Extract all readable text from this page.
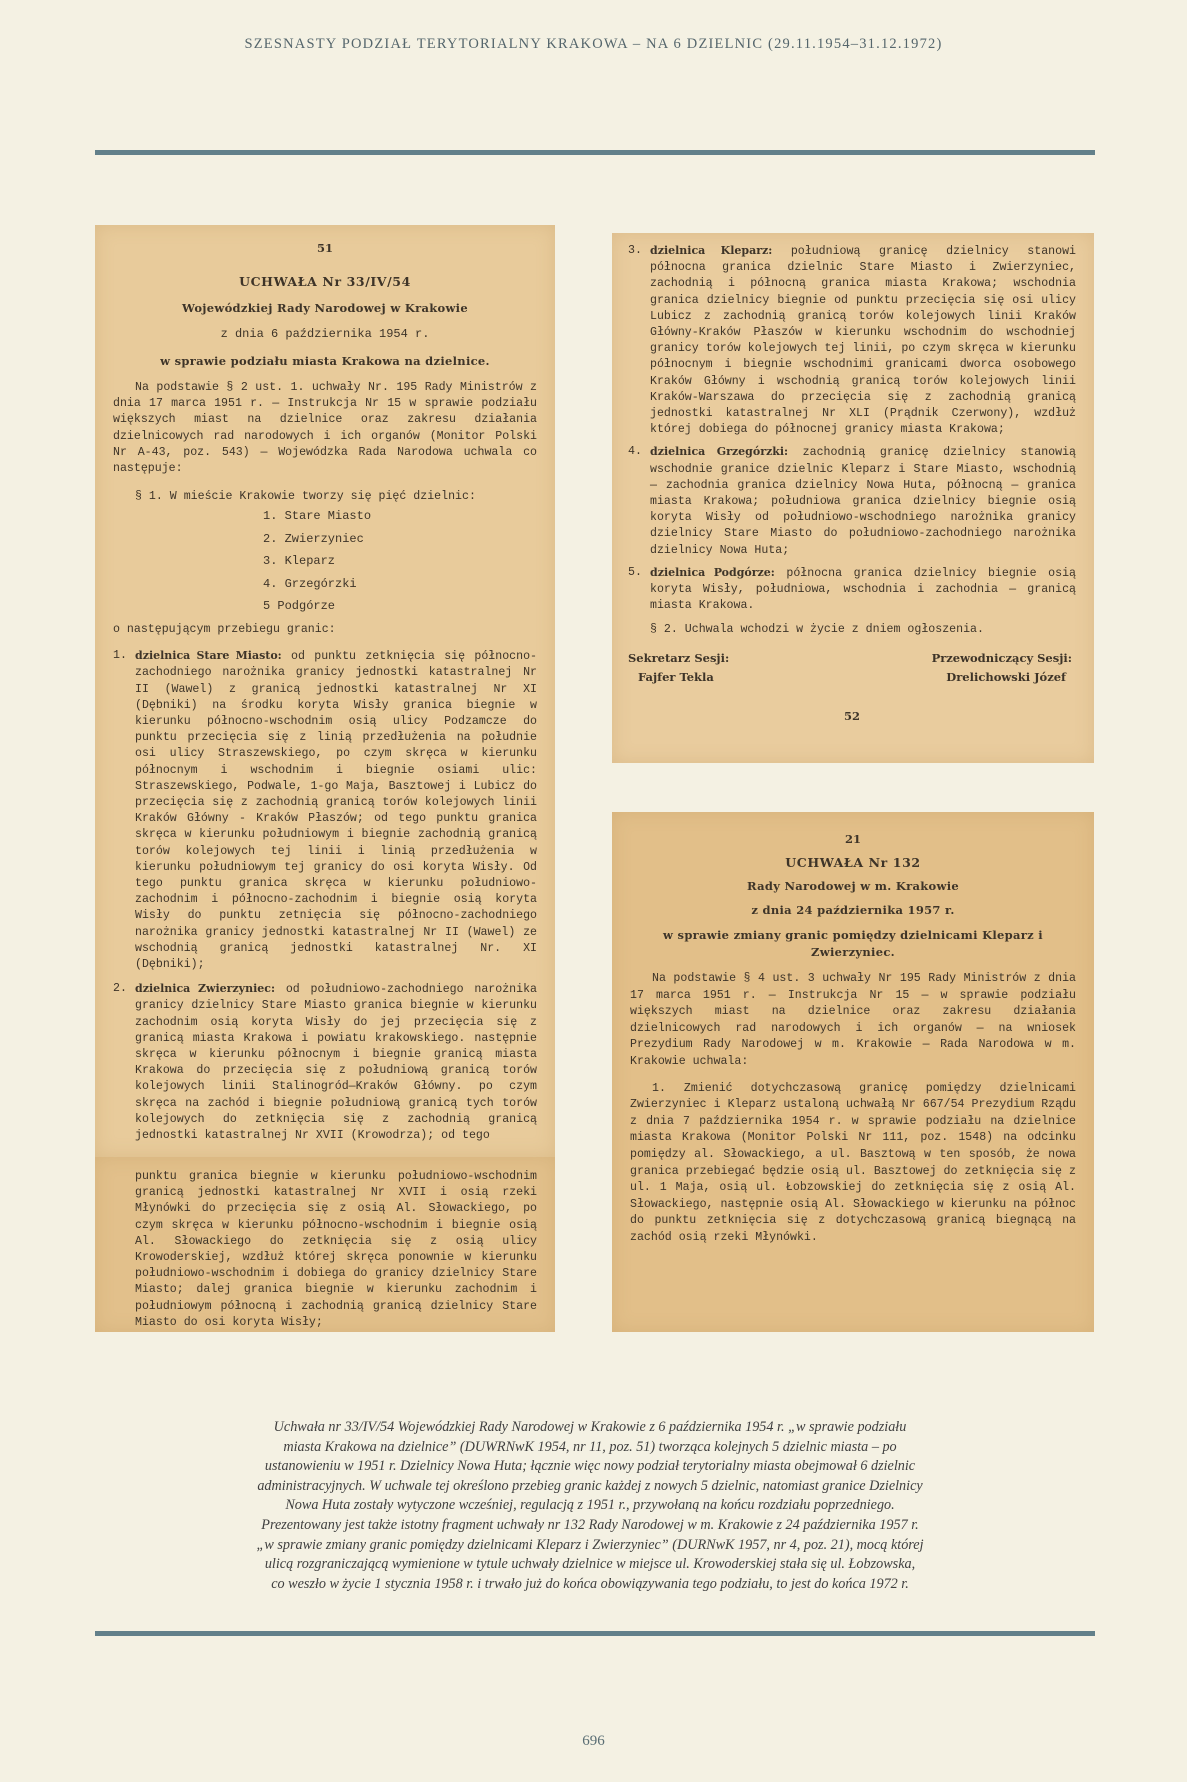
SZESNASTY PODZIAŁ TERYTORIALNY KRAKOWA – NA 6 DZIELNIC (29.11.1954–31.12.1972)
51
UCHWAŁA Nr 33/IV/54
Wojewódzkiej Rady Narodowej w Krakowie
z dnia 6 października 1954 r.
w sprawie podziału miasta Krakowa na dzielnice.
Na podstawie § 2 ust. 1. uchwały Nr. 195 Rady Ministrów z dnia 17 marca 1951 r. — Instrukcja Nr 15 w sprawie podziału większych miast na dzielnice oraz zakresu działania dzielnicowych rad narodowych i ich organów (Monitor Polski Nr A-43, poz. 543) — Wojewódzka Rada Narodowa uchwala co następuje:
§ 1. W mieście Krakowie tworzy się pięć dzielnic:
1. Stare Miasto
2. Zwierzyniec
3. Kleparz
4. Grzegórzki
5 Podgórze
o następującym przebiegu granic:
1. dzielnica Stare Miasto: od punktu zetknięcia się północno-zachodniego narożnika granicy jednostki katastralnej Nr II (Wawel) z granicą jednostki katastralnej Nr XI (Dębniki) na środku koryta Wisły granica biegnie w kierunku północno-wschodnim osią ulicy Podzamcze do punktu przecięcia się z linią przedłużenia na południe osi ulicy Straszewskiego, po czym skręca w kierunku północnym i wschodnim i biegnie osiami ulic: Straszewskiego, Podwale, 1-go Maja, Basztowej i Lubicz do przecięcia się z zachodnią granicą torów kolejowych linii Kraków Główny - Kraków Płaszów; od tego punktu granica skręca w kierunku południowym i biegnie zachodnią granicą torów kolejowych tej linii i linią przedłużenia w kierunku południowym tej granicy do osi koryta Wisły. Od tego punktu granica skręca w kierunku południowo-zachodnim i północno-zachodnim i biegnie osią koryta Wisły do punktu zetnięcia się północno-zachodniego narożnika granicy jednostki katastralnej Nr II (Wawel) ze wschodnią granicą jednostki katastralnej Nr. XI (Dębniki);
2. dzielnica Zwierzyniec: od południowo-zachodniego narożnika granicy dzielnicy Stare Miasto granica biegnie w kierunku zachodnim osią koryta Wisły do jej przecięcia się z granicą miasta Krakowa i powiatu krakowskiego. następnie skręca w kierunku północnym i biegnie granicą miasta Krakowa do przecięcia się z południową granicą torów kolejowych linii Stalinogród—Kraków Główny. po czym skręca na zachód i biegnie południową granicą tych torów kolejowych do zetknięcia się z zachodnią granicą jednostki katastralnej Nr XVII (Krowodrza); od tego
punktu granica biegnie w kierunku południowo-wschodnim granicą jednostki katastralnej Nr XVII i osią rzeki Młynówki do przecięcia się z osią Al. Słowackiego, po czym skręca w kierunku północno-wschodnim i biegnie osią Al. Słowackiego do zetknięcia się z osią ulicy Krowoderskiej, wzdłuż której skręca ponownie w kierunku południowo-wschodnim i dobiega do granicy dzielnicy Stare Miasto; dalej granica biegnie w kierunku zachodnim i południowym północną i zachodnią granicą dzielnicy Stare Miasto do osi koryta Wisły;
3. dzielnica Kleparz: południową granicę dzielnicy stanowi północna granica dzielnic Stare Miasto i Zwierzyniec, zachodnią i północną granica miasta Krakowa; wschodnia granica dzielnicy biegnie od punktu przecięcia się osi ulicy Lubicz z zachodnią granicą torów kolejowych linii Kraków Główny-Kraków Płaszów w kierunku wschodnim do wschodniej granicy torów kolejowych tej linii, po czym skręca w kierunku północnym i biegnie wschodnimi granicami dworca osobowego Kraków Główny i wschodnią granicą torów kolejowych linii Kraków-Warszawa do przecięcia się z zachodnią granicą jednostki katastralnej Nr XLI (Prądnik Czerwony), wzdłuż której dobiega do północnej granicy miasta Krakowa;
4. dzielnica Grzegórzki: zachodnią granicę dzielnicy stanowią wschodnie granice dzielnic Kleparz i Stare Miasto, wschodnią — zachodnia granica dzielnicy Nowa Huta, północną — granica miasta Krakowa; południowa granica dzielnicy biegnie osią koryta Wisły od południowo-wschodniego narożnika granicy dzielnicy Stare Miasto do południowo-zachodniego narożnika dzielnicy Nowa Huta;
5. dzielnica Podgórze: północna granica dzielnicy biegnie osią koryta Wisły, południowa, wschodnia i zachodnia — granicą miasta Krakowa.
§ 2. Uchwala wchodzi w życie z dniem ogłoszenia.
Sekretarz Sesji:
Fajfer Tekla
Przewodniczący Sesji:
Drelichowski Józef
52
21
UCHWAŁA Nr 132
Rady Narodowej w m. Krakowie
z dnia 24 października 1957 r.
w sprawie zmiany granic pomiędzy dzielnicami Kleparz i Zwierzyniec.
Na podstawie § 4 ust. 3 uchwały Nr 195 Rady Ministrów z dnia 17 marca 1951 r. — Instrukcja Nr 15 — w sprawie podziału większych miast na dzielnice oraz zakresu działania dzielnicowych rad narodowych i ich organów — na wniosek Prezydium Rady Narodowej w m. Krakowie — Rada Narodowa w m. Krakowie uchwala:
1. Zmienić dotychczasową granicę pomiędzy dzielnicami Zwierzyniec i Kleparz ustaloną uchwałą Nr 667/54 Prezydium Rządu z dnia 7 października 1954 r. w sprawie podziału na dzielnice miasta Krakowa (Monitor Polski Nr 111, poz. 1548) na odcinku pomiędzy al. Słowackiego, a ul. Basztową w ten sposób, że nowa granica przebiegać będzie osią ul. Basztowej do zetknięcia się z ul. 1 Maja, osią ul. Łobzowskiej do zetknięcia się z osią Al. Słowackiego, następnie osią Al. Słowackiego w kierunku na północ do punktu zetknięcia się z dotychczasową granicą biegnącą na zachód osią rzeki Młynówki.
Uchwała nr 33/IV/54 Wojewódzkiej Rady Narodowej w Krakowie z 6 października 1954 r. „w sprawie podziału
miasta Krakowa na dzielnice” (DUWRNwK 1954, nr 11, poz. 51) tworząca kolejnych 5 dzielnic miasta – po
ustanowieniu w 1951 r. Dzielnicy Nowa Huta; łącznie więc nowy podział terytorialny miasta obejmował 6 dzielnic
administracyjnych. W uchwale tej określono przebieg granic każdej z nowych 5 dzielnic, natomiast granice Dzielnicy
Nowa Huta zostały wytyczone wcześniej, regulacją z 1951 r., przywołaną na końcu rozdziału poprzedniego.
Prezentowany jest także istotny fragment uchwały nr 132 Rady Narodowej w m. Krakowie z 24 października 1957 r.
„w sprawie zmiany granic pomiędzy dzielnicami Kleparz i Zwierzyniec” (DURNwK 1957, nr 4, poz. 21), mocą której
ulicą rozgraniczającą wymienione w tytule uchwały dzielnice w miejsce ul. Krowoderskiej stała się ul. Łobzowska,
co weszło w życie 1 stycznia 1958 r. i trwało już do końca obowiązywania tego podziału, to jest do końca 1972 r.
696
